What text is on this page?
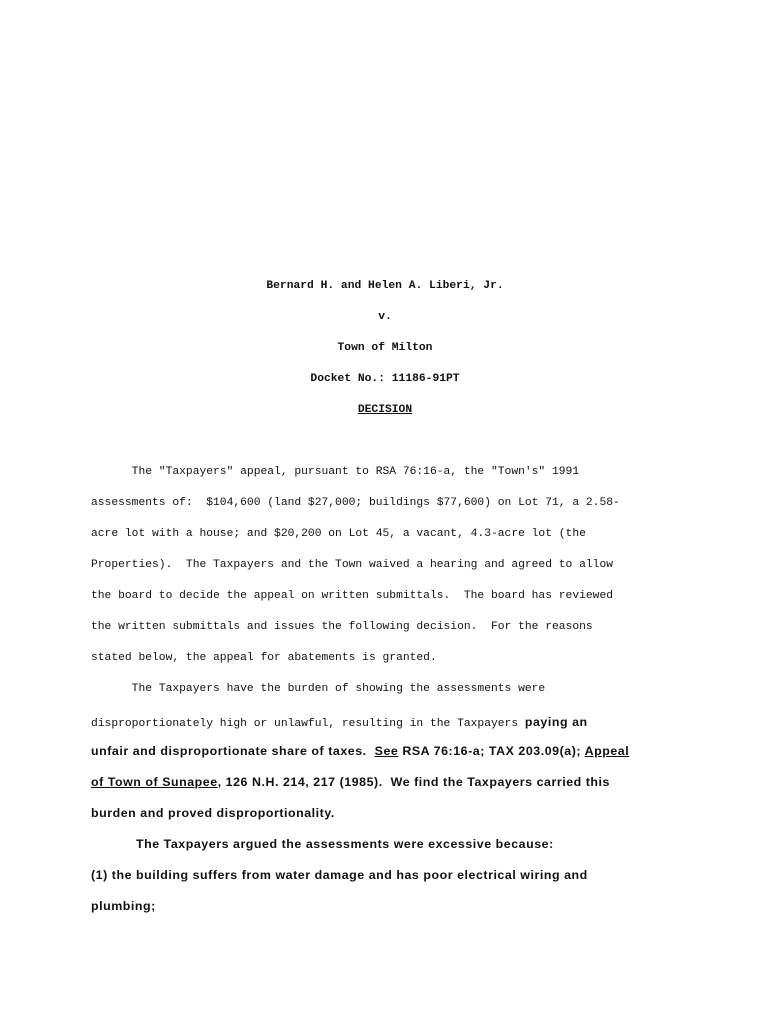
Bernard H. and Helen A. Liberi, Jr.
v.
Town of Milton
Docket No.: 11186-91PT
DECISION
The "Taxpayers" appeal, pursuant to RSA 76:16-a, the "Town's" 1991
assessments of:  $104,600 (land $27,000; buildings $77,600) on Lot 71, a 2.58-
acre lot with a house; and $20,200 on Lot 45, a vacant, 4.3-acre lot (the
Properties).  The Taxpayers and the Town waived a hearing and agreed to allow
the board to decide the appeal on written submittals.  The board has reviewed
the written submittals and issues the following decision.  For the reasons
stated below, the appeal for abatements is granted.
The Taxpayers have the burden of showing the assessments were
disproportionately high or unlawful, resulting in the Taxpayers paying an
unfair and disproportionate share of taxes.  See RSA 76:16-a; TAX 203.09(a); Appeal
of Town of Sunapee, 126 N.H. 214, 217 (1985).  We find the Taxpayers carried this
burden and proved disproportionality.
The Taxpayers argued the assessments were excessive because:
(1) the building suffers from water damage and has poor electrical wiring and
plumbing;
